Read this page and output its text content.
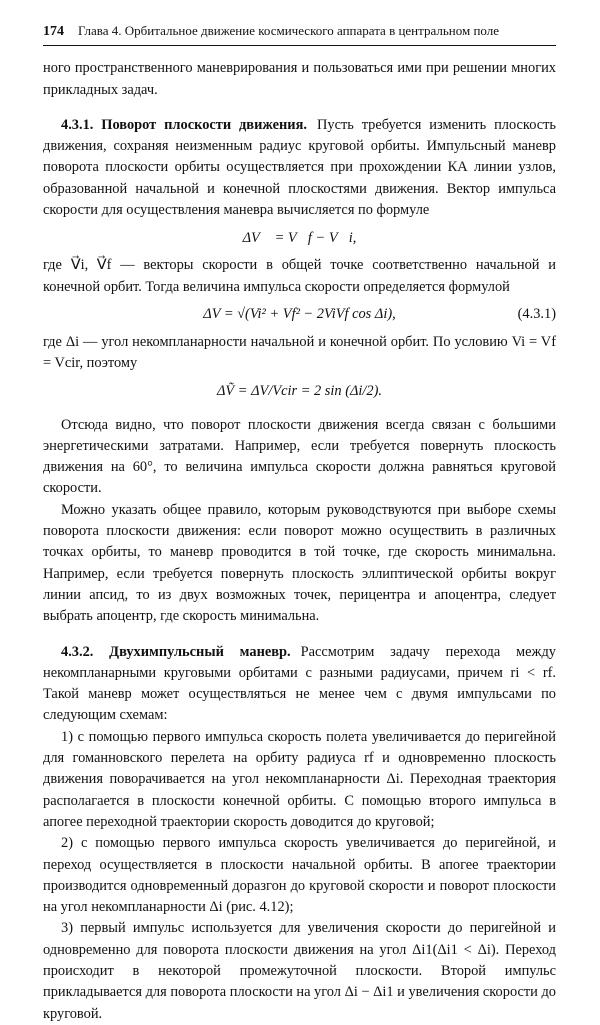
174 Глава 4. Орбитальное движение космического аппарата в центральном поле

ного пространственного маневрирования и пользоваться ими при решении многих прикладных задач.

4.3.1. Поворот плоскости движения. Пусть требуется изменить плоскость движения, сохраняя неизменным радиус круговой орбиты. Импульсный маневр поворота плоскости орбиты осуществляется при прохождении КА линии узлов, образованной начальной и конечной плоскостями движения. Вектор импульса скорости для осуществления маневра вычисляется по формуле

ΔV⃗ = V⃗f − V⃗i,

где V⃗i, V⃗f — векторы скорости в общей точке соответственно начальной и конечной орбит. Тогда величина импульса скорости определяется формулой

ΔV = √(Vi² + Vf² − 2ViVf cos Δi),	(4.3.1)

где Δi — угол некомпланарности начальной и конечной орбит. По условию Vi = Vf = Vcir, поэтому

ΔṼ = ΔV/Vcir = 2 sin (Δi/2).

Отсюда видно, что поворот плоскости движения всегда связан с большими энергетическими затратами. Например, если требуется повернуть плоскость движения на 60°, то величина импульса скорости должна равняться круговой скорости.

Можно указать общее правило, которым руководствуются при выборе схемы поворота плоскости движения: если поворот можно осуществить в различных точках орбиты, то маневр проводится в той точке, где скорость минимальна. Например, если требуется повернуть плоскость эллиптической орбиты вокруг линии апсид, то из двух возможных точек, перицентра и апоцентра, следует выбрать апоцентр, где скорость минимальна.

4.3.2. Двухимпульсный маневр. Рассмотрим задачу перехода между некомпланарными круговыми орбитами с разными радиусами, причем ri < rf. Такой маневр может осуществляться не менее чем с двумя импульсами по следующим схемам:

1) с помощью первого импульса скорость полета увеличивается до перигейной для гоманновского перелета на орбиту радиуса rf и одновременно плоскость движения поворачивается на угол некомпланарности Δi. Переходная траектория располагается в плоскости конечной орбиты. С помощью второго импульса в апогее переходной траектории скорость доводится до круговой;

2) с помощью первого импульса скорость увеличивается до перигейной, и переход осуществляется в плоскости начальной орбиты. В апогее траектории производится одновременный доразгон до круговой скорости и поворот плоскости на угол некомпланарности Δi (рис. 4.12);

3) первый импульс используется для увеличения скорости до перигейной и одновременно для поворота плоскости движения на угол Δi1(Δi1 < Δi). Переход происходит в некоторой промежуточной плоскости. Второй импульс прикладывается для поворота плоскости на угол Δi − Δi1 и увеличения скорости до круговой.
